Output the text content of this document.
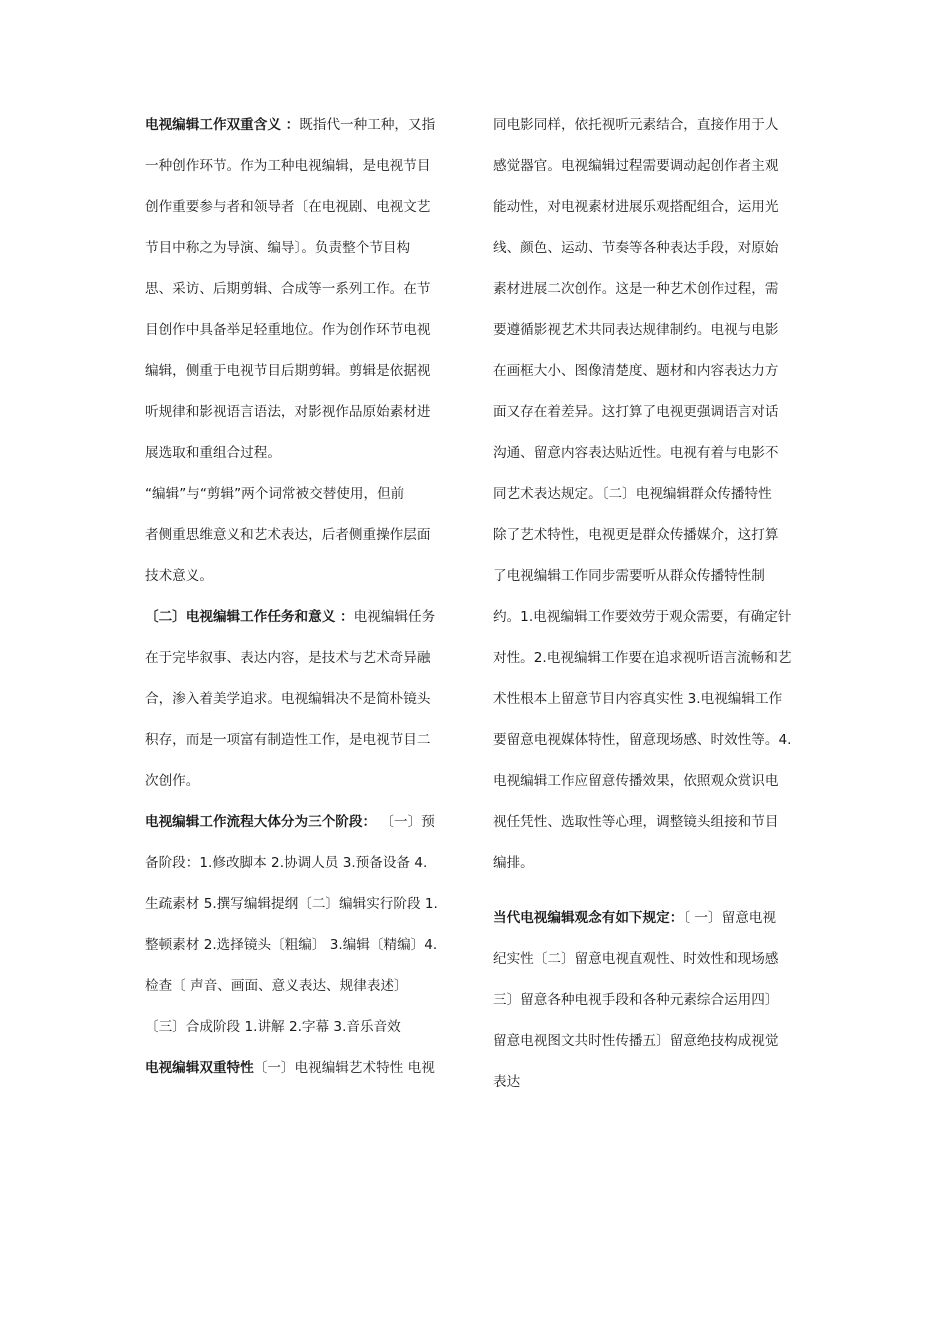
电视编辑工作双重含义 ：既指代一种工种，又指
一种创作环节。作为工种电视编辑，是电视节目
创作重要参与者和领导者〔在电视剧、电视文艺
节目中称之为导演、编导〕。负责整个节目构
思、采访、后期剪辑、合成等一系列工作。在节
目创作中具备举足轻重地位。作为创作环节电视
编辑，侧重于电视节目后期剪辑。剪辑是依据视
听规律和影视语言语法，对影视作品原始素材进
展选取和重组合过程。

“编辑”与“剪辑”两个词常被交替使用，但前
者侧重思维意义和艺术表达，后者侧重操作层面
技术意义。

〔二〕电视编辑工作任务和意义 ：电视编辑任务
在于完毕叙事、表达内容，是技术与艺术奇异融
合，渗入着美学追求。电视编辑决不是简朴镜头
积存，而是一项富有制造性工作，是电视节目二
次创作。

电视编辑工作流程大体分为三个阶段： 〔一〕预
备阶段：1.修改脚本 2.协调人员 3.预备设备 4.
生疏素材 5.撰写编辑提纲〔二〕编辑实行阶段 1.
整顿素材 2.选择镜头〔粗编〕 3.编辑〔精编〕4.
检查〔 声音、画面、意义表达、规律表述〕
〔三〕合成阶段 1.讲解 2.字幕 3.音乐音效

电视编辑双重特性〔一〕电视编辑艺术特性 电视

同电影同样，依托视听元素结合，直接作用于人
感觉器官。电视编辑过程需要调动起创作者主观
能动性，对电视素材进展乐观搭配组合，运用光
线、颜色、运动、节奏等各种表达手段，对原始
素材进展二次创作。这是一种艺术创作过程，需
要遵循影视艺术共同表达规律制约。电视与电影
在画框大小、图像清楚度、题材和内容表达力方
面又存在着差异。这打算了电视更强调语言对话
沟通、留意内容表达贴近性。电视有着与电影不
同艺术表达规定。〔二〕电视编辑群众传播特性
除了艺术特性，电视更是群众传播媒介，这打算
了电视编辑工作同步需要听从群众传播特性制
约。1.电视编辑工作要效劳于观众需要，有确定针
对性。2.电视编辑工作要在追求视听语言流畅和艺
术性根本上留意节目内容真实性 3.电视编辑工作
要留意电视媒体特性，留意现场感、时效性等。4.
电视编辑工作应留意传播效果，依照观众赏识电
视任凭性、选取性等心理，调整镜头组接和节目
编排。

当代电视编辑观念有如下规定：〔 一〕留意电视
纪实性〔二〕留意电视直观性、时效性和现场感
三〕留意各种电视手段和各种元素综合运用四〕
留意电视图文共时性传播五〕留意绝技构成视觉
表达
